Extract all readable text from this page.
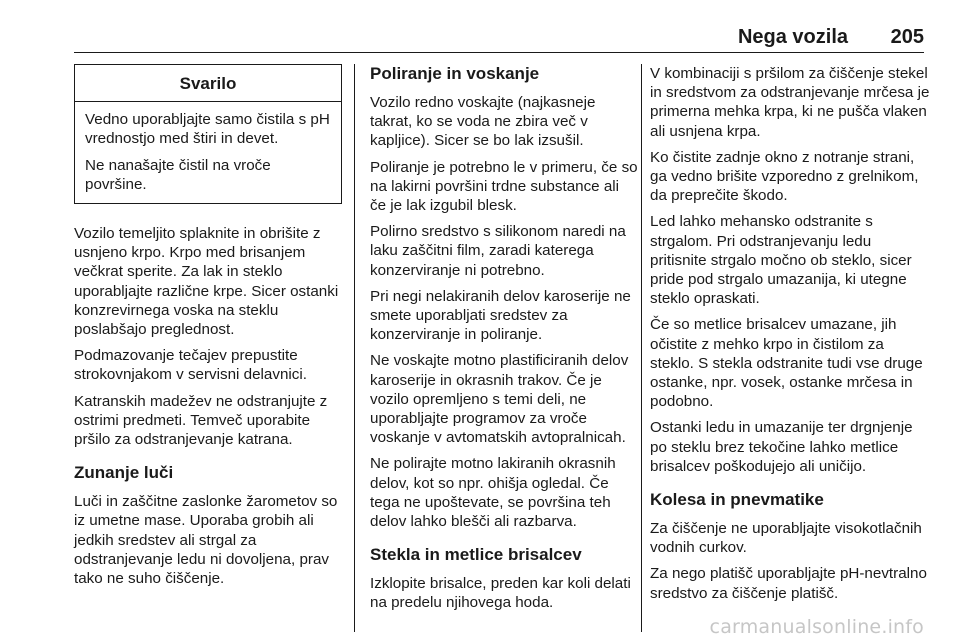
Nega vozila 205
Svarilo

Vedno uporabljajte samo čistila s pH vrednostjo med štiri in devet.

Ne nanašajte čistil na vroče površine.

Vozilo temeljito splaknite in obrišite z usnjeno krpo. Krpo med brisanjem večkrat sperite. Za lak in steklo uporabljajte različne krpe. Sicer ostanki konzrevirnega voska na steklu poslabšajo preglednost.

Podmazovanje tečajev prepustite strokovnjakom v servisni delavnici.

Katranskih madežev ne odstranjujte z ostrimi predmeti. Temveč uporabite pršilo za odstranjevanje katrana.

Zunanje luči

Luči in zaščitne zaslonke žarometov so iz umetne mase. Uporaba grobih ali jedkih sredstev ali strgal za odstranjevanje ledu ni dovoljena, prav tako ne suho čiščenje.

Poliranje in voskanje

Vozilo redno voskajte (najkasneje takrat, ko se voda ne zbira več v kapljice). Sicer se bo lak izsušil.

Poliranje je potrebno le v primeru, če so na lakirni površini trdne substance ali če je lak izgubil blesk.

Polirno sredstvo s silikonom naredi na laku zaščitni film, zaradi katerega konzerviranje ni potrebno.

Pri negi nelakiranih delov karoserije ne smete uporabljati sredstev za konzerviranje in poliranje.

Ne voskajte motno plastificiranih delov karoserije in okrasnih trakov. Če je vozilo opremljeno s temi deli, ne uporabljajte programov za vroče voskanje v avtomatskih avtopralnicah.

Ne polirajte motno lakiranih okrasnih delov, kot so npr. ohišja ogledal. Če tega ne upoštevate, se površina teh delov lahko blešči ali razbarva.

Stekla in metlice brisalcev

Izklopite brisalce, preden kar koli delati na predelu njihovega hoda.

V kombinaciji s pršilom za čiščenje stekel in sredstvom za odstranjevanje mrčesa je primerna mehka krpa, ki ne pušča vlaken ali usnjena krpa.

Ko čistite zadnje okno z notranje strani, ga vedno brišite vzporedno z grelnikom, da preprečite škodo.

Led lahko mehansko odstranite s strgalom. Pri odstranjevanju ledu pritisnite strgalo močno ob steklo, sicer pride pod strgalo umazanija, ki utegne steklo opraskati.

Če so metlice brisalcev umazane, jih očistite z mehko krpo in čistilom za steklo. S stekla odstranite tudi vse druge ostanke, npr. vosek, ostanke mrčesa in podobno.

Ostanki ledu in umazanije ter drgnjenje po steklu brez tekočine lahko metlice brisalcev poškodujejo ali uničijo.

Kolesa in pnevmatike

Za čiščenje ne uporabljajte visokotlačnih vodnih curkov.

Za nego platišč uporabljajte pH-nevtralno sredstvo za čiščenje platišč.

carmanualsonline.info
